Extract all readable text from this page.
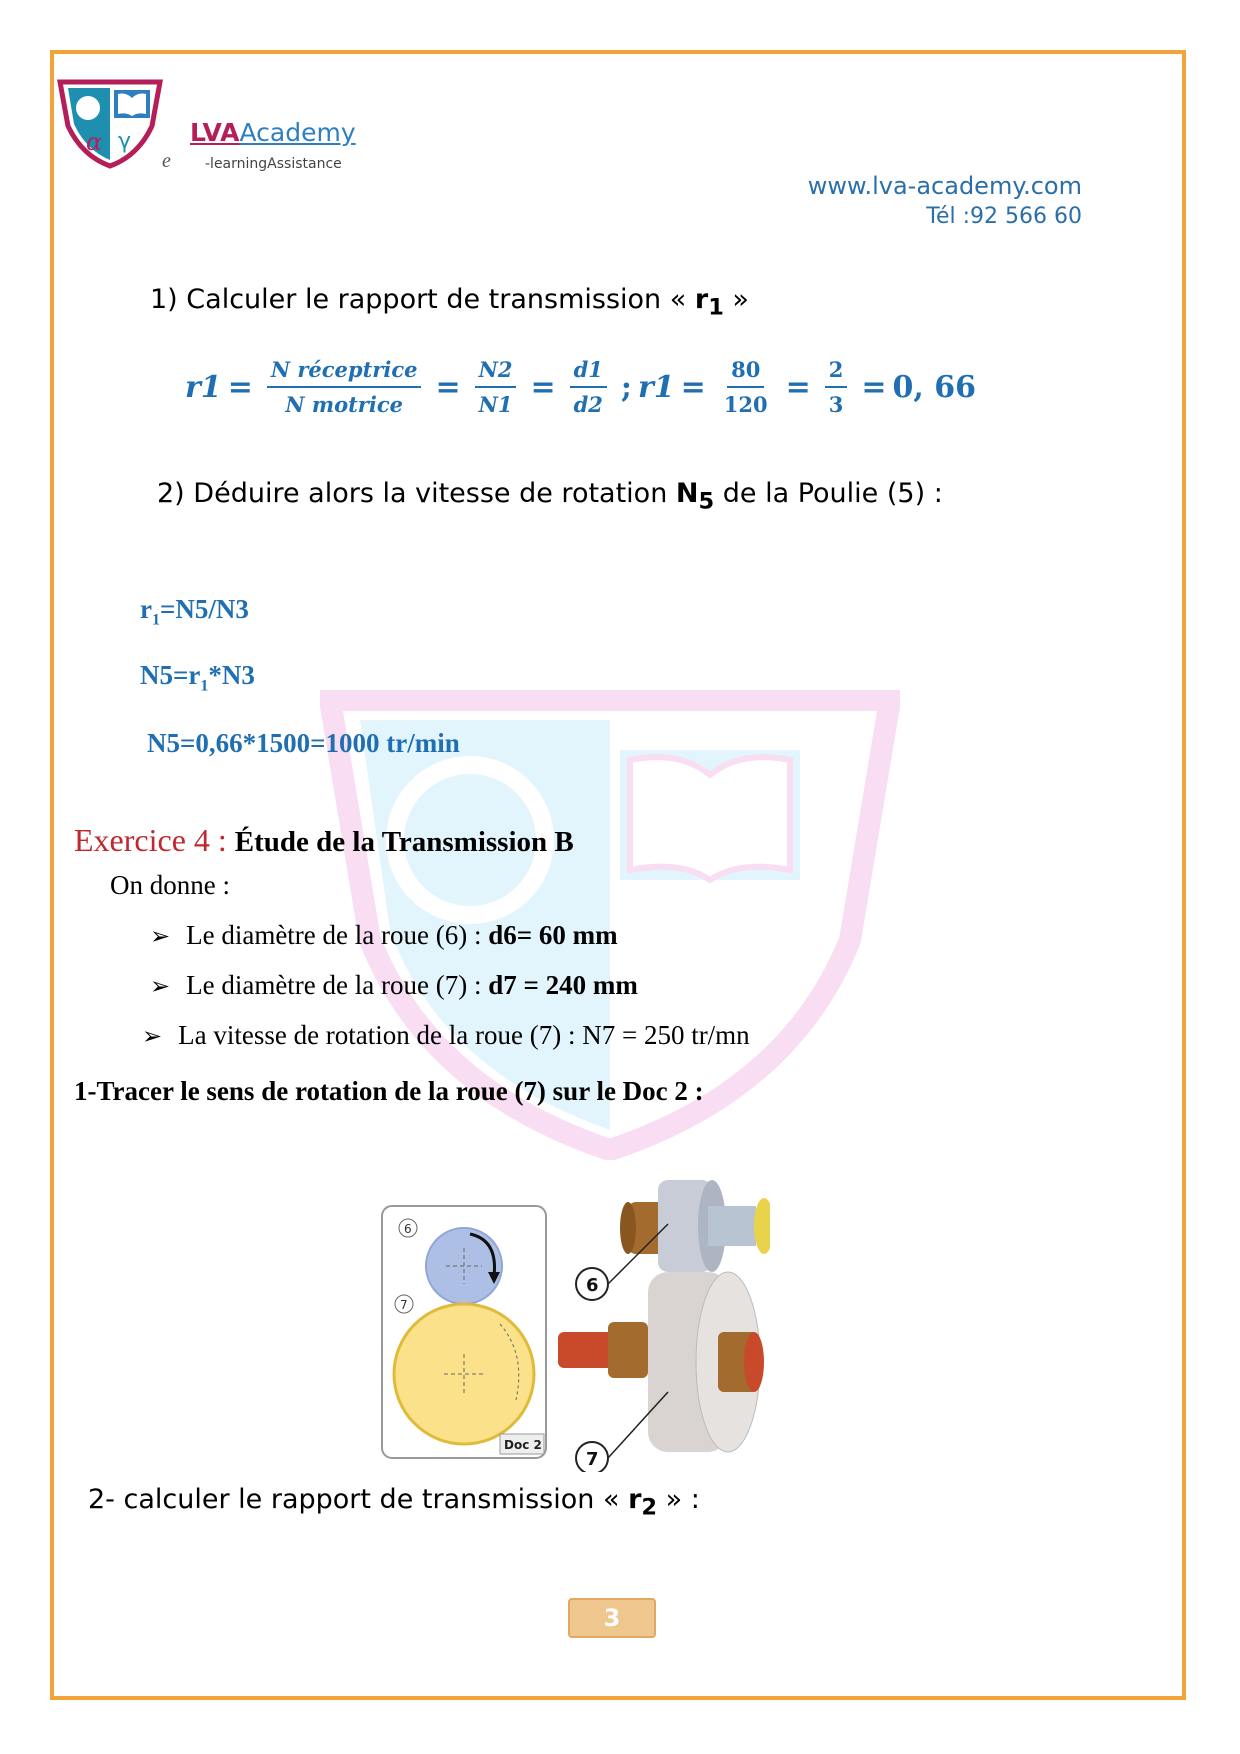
α γ LVAAcademy
e -learningAssistance
www.lva-academy.com
Tél :92 566 60
1) Calculer le rapport de transmission « $r_1$ »
$r1 = \frac{\text{N réceptrice}}{\text{N motrice}} = \frac{N2}{N1} = \frac{d1}{d2}$ ; $r1 = \frac{80}{120} = \frac{2}{3} = 0$, 66
2) Déduire alors la vitesse de rotation $N_5$ de la Poulie (5) :
$r_1=N5/N3$
$N5=r_1*N3$
N5=0,66*1500=1000 tr/min
Exercice 4 : Étude de la Transmission B
On donne :
➢ Le diamètre de la roue (6) : d6= 60 mm
➢ Le diamètre de la roue (7) : d7 = 240 mm
➢ La vitesse de rotation de la roue (7) : N7 = 250 tr/mn
1-Tracer le sens de rotation de la roue (7) sur le Doc 2 :
6
7
Doc 2
6
7
2- calculer le rapport de transmission « $r_2$ » :
3
